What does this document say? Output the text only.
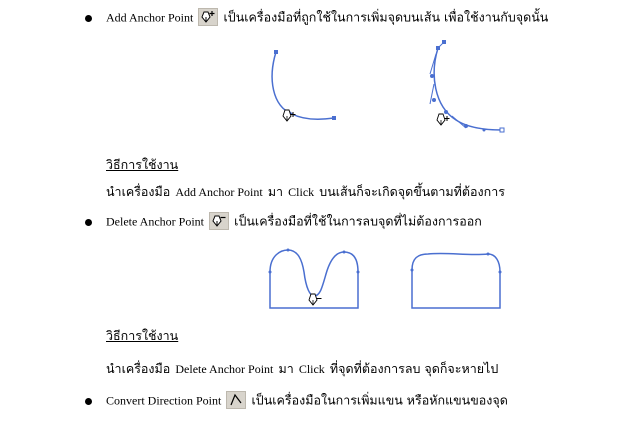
Add Anchor Point เป็นเครื่องมือที่ถูกใช้ในการเพิ่มจุดบนเส้น เพื่อใช้งานกับจุดนั้น
วิธีการใช้งาน
นำเครื่องมือ Add Anchor Point มา Click บนเส้นก็จะเกิดจุดขึ้นตามที่ต้องการ
Delete Anchor Point เป็นเครื่องมือที่ใช้ในการลบจุดที่ไม่ต้องการออก
วิธีการใช้งาน
นำเครื่องมือ Delete Anchor Point มา Click ที่จุดที่ต้องการลบ จุดก็จะหายไป
Convert Direction Point เป็นเครื่องมือในการเพิ่มแขน หรือหักแขนของจุด
